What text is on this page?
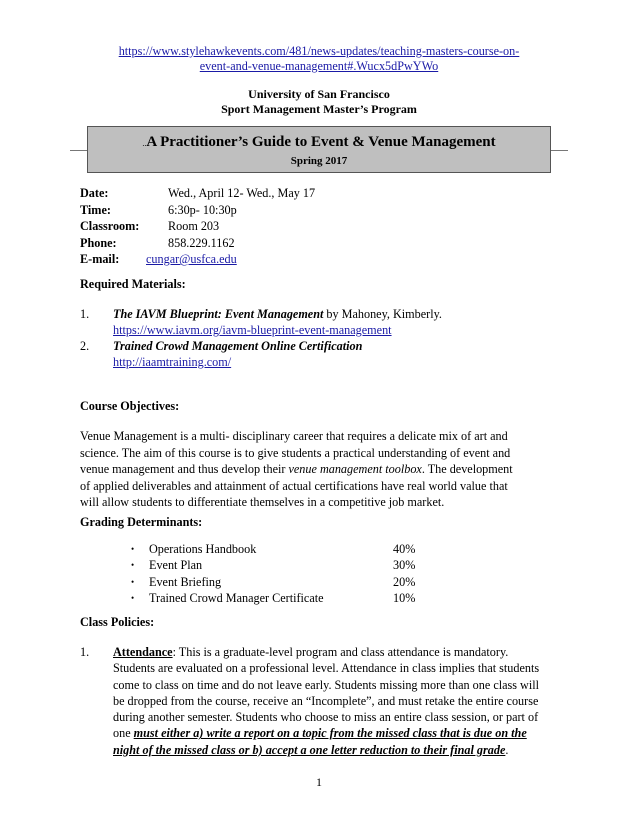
https://www.stylehawkevents.com/481/news-updates/teaching-masters-course-on-
event-and-venue-management#.Wucx5dPwYWo
University of San Francisco
Sport Management Master’s Program
..A Practitioner’s Guide to Event & Venue Management
Spring 2017
Date:	Wed., April 12- Wed., May 17
Time:	6:30p- 10:30p
Classroom: Room 203
Phone:	858.229.1162
E-mail: cungar@usfca.edu
Required Materials:
1. The IAVM Blueprint: Event Management by Mahoney, Kimberly.
https://www.iavm.org/iavm-blueprint-event-management
2. Trained Crowd Management Online Certification
http://iaamtraining.com/
Course Objectives:
Venue Management is a multi- disciplinary career that requires a delicate mix of art and
science. The aim of this course is to give students a practical understanding of event and
venue management and thus develop their venue management toolbox. The development
of applied deliverables and attainment of actual certifications have real world value that
will allow students to differentiate themselves in a competitive job market.
Grading Determinants:
• Operations Handbook	40%
• Event Plan	30%
• Event Briefing	20%
• Trained Crowd Manager Certificate	10%
Class Policies:
1. Attendance: This is a graduate-level program and class attendance is mandatory.
Students are evaluated on a professional level. Attendance in class implies that students
come to class on time and do not leave early. Students missing more than one class will
be dropped from the course, receive an “Incomplete”, and must retake the entire course
during another semester. Students who choose to miss an entire class session, or part of
one must either a) write a report on a topic from the missed class that is due on the
night of the missed class or b) accept a one letter reduction to their final grade.
1
